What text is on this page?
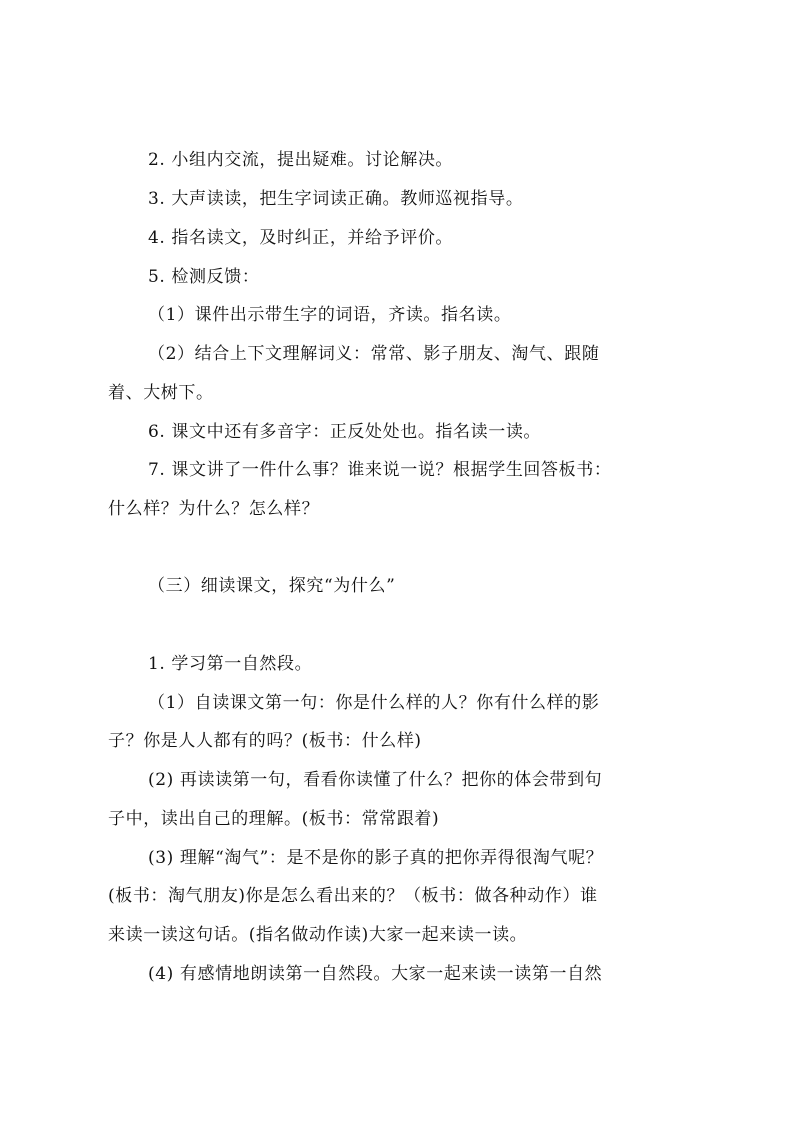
2. 小组内交流，提出疑难。讨论解决。
3. 大声读读，把生字词读正确。教师巡视指导。
4. 指名读文，及时纠正，并给予评价。
5. 检测反馈：
（1）课件出示带生字的词语，齐读。指名读。
（2）结合上下文理解词义：常常、影子朋友、淘气、跟随
着、大树下。
6. 课文中还有多音字：正反处处也。指名读一读。
7. 课文讲了一件什么事？谁来说一说？根据学生回答板书：
什么样？为什么？怎么样？
（三）细读课文，探究“为什么”
1. 学习第一自然段。
（1）自读课文第一句：你是什么样的人？你有什么样的影
子？你是人人都有的吗？(板书：什么样)
(2) 再读读第一句，看看你读懂了什么？把你的体会带到句
子中，读出自己的理解。(板书：常常跟着)
(3) 理解“淘气”：是不是你的影子真的把你弄得很淘气呢？
(板书：淘气朋友)你是怎么看出来的？（板书：做各种动作）谁
来读一读这句话。(指名做动作读)大家一起来读一读。
(4) 有感情地朗读第一自然段。大家一起来读一读第一自然
